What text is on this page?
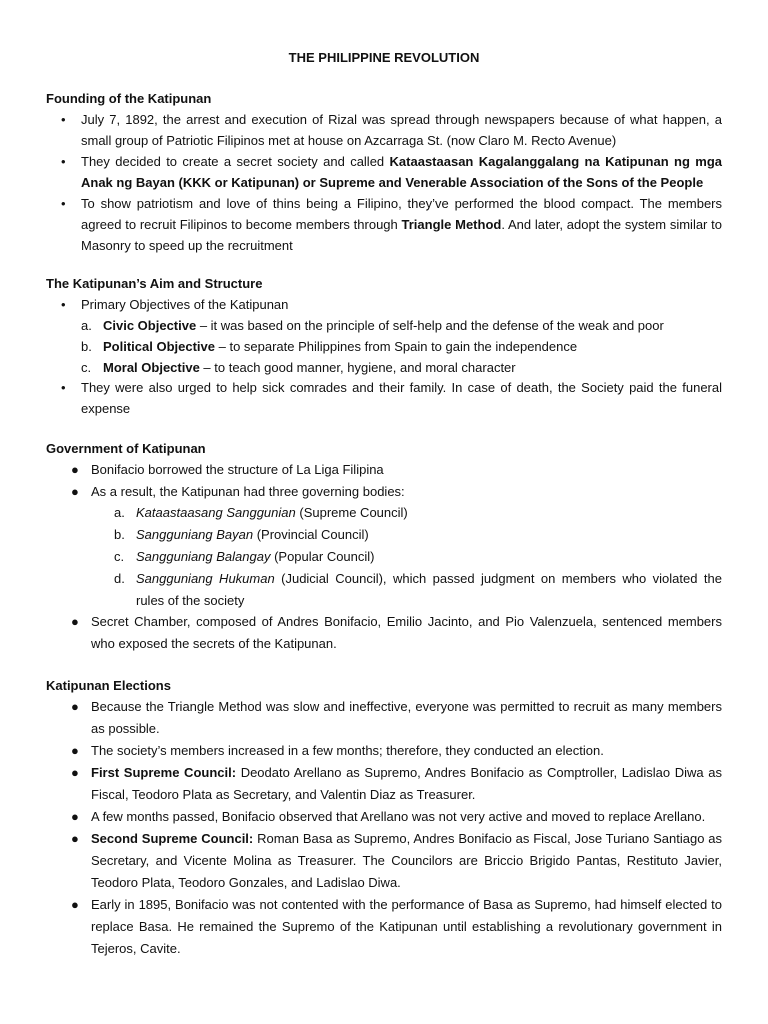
THE PHILIPPINE REVOLUTION
Founding of the Katipunan
• July 7, 1892, the arrest and execution of Rizal was spread through newspapers because of what happen, a small group of Patriotic Filipinos met at house on Azcarraga St. (now Claro M. Recto Avenue)
• They decided to create a secret society and called Kataastaasan Kagalanggalang na Katipunan ng mga Anak ng Bayan (KKK or Katipunan) or Supreme and Venerable Association of the Sons of the People
• To show patriotism and love of thins being a Filipino, they’ve performed the blood compact. The members agreed to recruit Filipinos to become members through Triangle Method. And later, adopt the system similar to Masonry to speed up the recruitment
The Katipunan’s Aim and Structure
• Primary Objectives of the Katipunan
a. Civic Objective – it was based on the principle of self-help and the defense of the weak and poor
b. Political Objective – to separate Philippines from Spain to gain the independence
c. Moral Objective – to teach good manner, hygiene, and moral character
• They were also urged to help sick comrades and their family. In case of death, the Society paid the funeral expense
Government of Katipunan
● Bonifacio borrowed the structure of La Liga Filipina
● As a result, the Katipunan had three governing bodies:
a. Kataastaasang Sanggunian (Supreme Council)
b. Sangguniang Bayan (Provincial Council)
c. Sangguniang Balangay (Popular Council)
d. Sangguniang Hukuman (Judicial Council), which passed judgment on members who violated the rules of the society
● Secret Chamber, composed of Andres Bonifacio, Emilio Jacinto, and Pio Valenzuela, sentenced members who exposed the secrets of the Katipunan.
Katipunan Elections
● Because the Triangle Method was slow and ineffective, everyone was permitted to recruit as many members as possible.
● The society’s members increased in a few months; therefore, they conducted an election.
● First Supreme Council: Deodato Arellano as Supremo, Andres Bonifacio as Comptroller, Ladislao Diwa as Fiscal, Teodoro Plata as Secretary, and Valentin Diaz as Treasurer.
● A few months passed, Bonifacio observed that Arellano was not very active and moved to replace Arellano.
● Second Supreme Council: Roman Basa as Supremo, Andres Bonifacio as Fiscal, Jose Turiano Santiago as Secretary, and Vicente Molina as Treasurer. The Councilors are Briccio Brigido Pantas, Restituto Javier, Teodoro Plata, Teodoro Gonzales, and Ladislao Diwa.
● Early in 1895, Bonifacio was not contented with the performance of Basa as Supremo, had himself elected to replace Basa. He remained the Supremo of the Katipunan until establishing a revolutionary government in Tejeros, Cavite.
